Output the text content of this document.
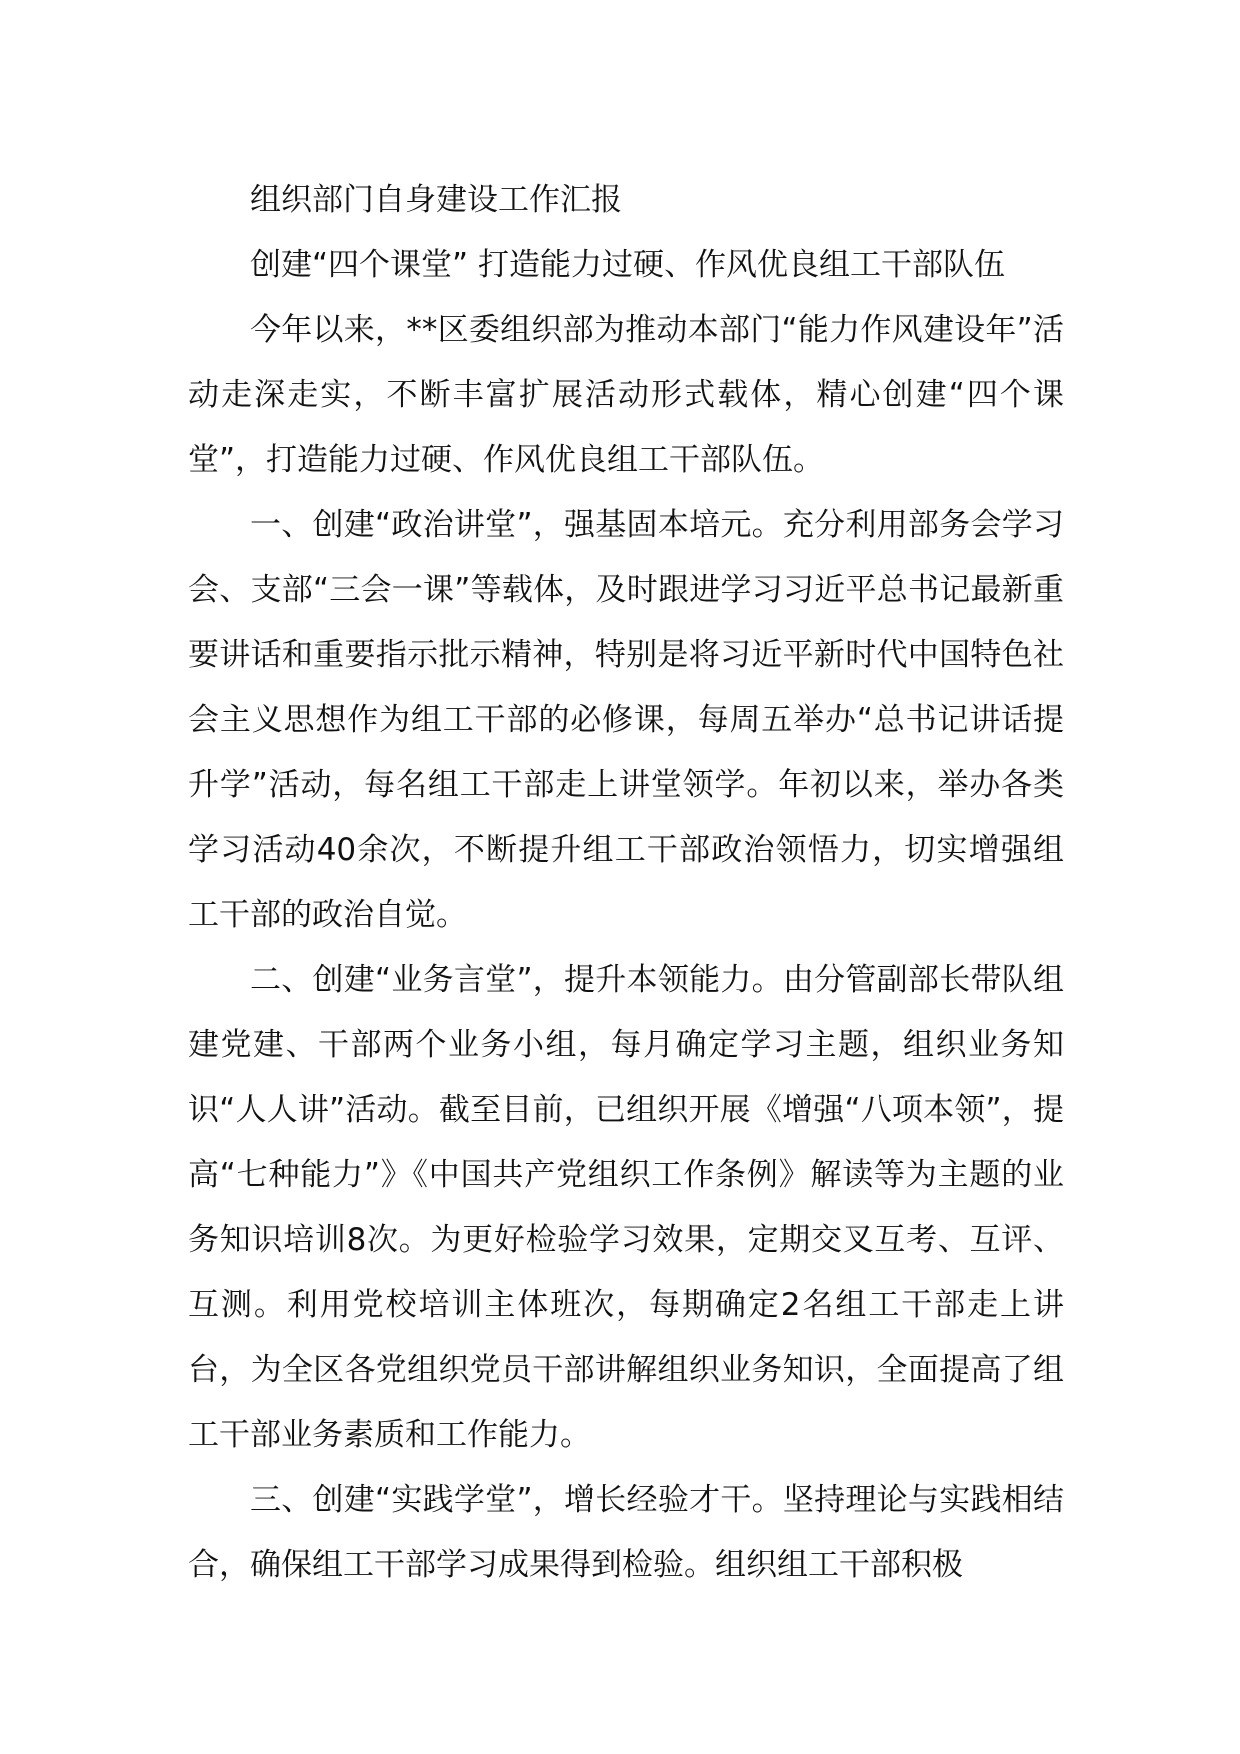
组织部门自身建设工作汇报

创建“四个课堂” 打造能力过硬、作风优良组工干部队伍

今年以来，**区委组织部为推动本部门“能力作风建设年”活动走深走实，不断丰富扩展活动形式载体，精心创建“四个课堂”，打造能力过硬、作风优良组工干部队伍。

一、创建“政治讲堂”，强基固本培元。充分利用部务会学习会、支部“三会一课”等载体，及时跟进学习习近平总书记最新重要讲话和重要指示批示精神，特别是将习近平新时代中国特色社会主义思想作为组工干部的必修课，每周五举办“总书记讲话提升学”活动，每名组工干部走上讲堂领学。年初以来，举办各类学习活动40余次，不断提升组工干部政治领悟力，切实增强组工干部的政治自觉。

二、创建“业务言堂”，提升本领能力。由分管副部长带队组建党建、干部两个业务小组，每月确定学习主题，组织业务知识“人人讲”活动。截至目前，已组织开展《增强“八项本领”，提高“七种能力”》《中国共产党组织工作条例》解读等为主题的业务知识培训8次。为更好检验学习效果，定期交叉互考、互评、互测。利用党校培训主体班次，每期确定2名组工干部走上讲台，为全区各党组织党员干部讲解组织业务知识，全面提高了组工干部业务素质和工作能力。

三、创建“实践学堂”，增长经验才干。坚持理论与实践相结合，确保组工干部学习成果得到检验。组织组工干部积极
